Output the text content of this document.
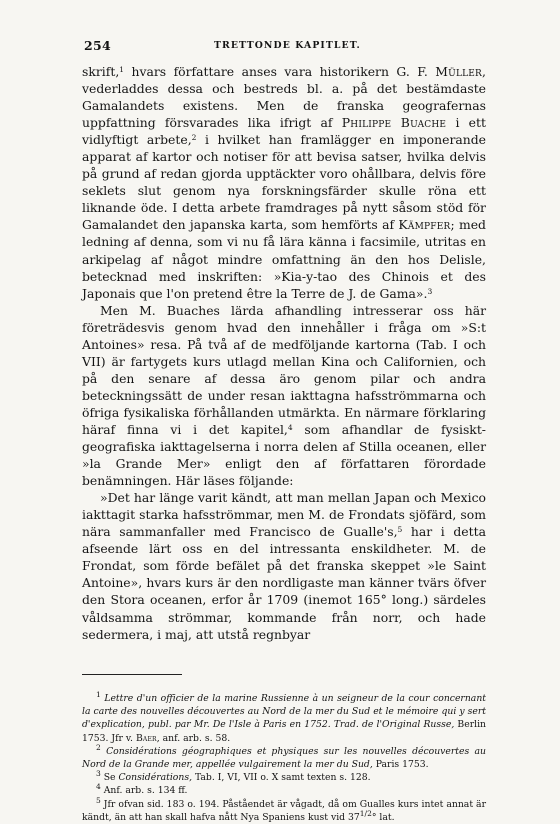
254	TRETTONDE KAPITLET.

skrift,$^1$ hvars författare anses vara historikern G. F. Müller, vederladdes dessa och bestreds bl. a. på det bestämdaste Gamalandets existens. Men de franska geografernas uppfattning försvarades lika ifrigt af Philippe Buache i ett vidlyftigt arbete,$^2$ i hvilket han framlägger en imponerande apparat af kartor och notiser för att bevisa satser, hvilka delvis på grund af redan gjorda upptäckter voro ohållbara, delvis före seklets slut genom nya forskningsfärder skulle röna ett liknande öde. I detta arbete framdrages på nytt såsom stöd för Gamalandet den japanska karta, som hemförts af Kämpfer; med ledning af denna, som vi nu få lära känna i facsimile, utritas en arkipelag af något mindre omfattning än den hos Delisle, betecknad med inskriften: »Kia-y-tao des Chinois et des Japonais que l'on pretend être la Terre de J. de Gama».$^3$

Men M. Buaches lärda afhandling intresserar oss här företrädesvis genom hvad den innehåller i fråga om »S:t Antoines» resa. På två af de medföljande kartorna (Tab. I och VII) är fartygets kurs utlagd mellan Kina och Californien, och på den senare af dessa äro genom pilar och andra beteckningssätt de under resan iakttagna hafsströmmarna och öfriga fysikaliska förhållanden utmärkta. En närmare förklaring häraf finna vi i det kapitel,$^4$ som afhandlar de fysiskt-geografiska iakttagelserna i norra delen af Stilla oceanen, eller »la Grande Mer» enligt den af författaren förordade benämningen. Här läses följande:

»Det har länge varit kändt, att man mellan Japan och Mexico iakttagit starka hafsströmmar, men M. de Frondats sjöfärd, som nära sammanfaller med Francisco de Gualle's,$^5$ har i detta afseende lärt oss en del intressanta enskildheter. M. de Frondat, som förde befälet på det franska skeppet »le Saint Antoine», hvars kurs är den nordligaste man känner tvärs öfver den Stora oceanen, erfor år 1709 (inemot 165° long.) särdeles våldsamma strömmar, kommande från norr, och hade sedermera, i maj, att utstå regnbyar

$^1$ Lettre d'un officier de la marine Russienne à un seigneur de la cour concernant la carte des nouvelles découvertes au Nord de la mer du Sud et le mémoire qui y sert d'explication, publ. par Mr. De l'Isle à Paris en 1752. Trad. de l'Original Russe, Berlin 1753. Jfr v. Baer, anf. arb. s. 58.

$^2$ Considérations géographiques et physiques sur les nouvelles découvertes au Nord de la Grande mer, appellée vulgairement la mer du Sud, Paris 1753.

$^3$ Se Considérations, Tab. I, VI, VII o. X samt texten s. 128.

$^4$ Anf. arb. s. 134 ff.

$^5$ Jfr ofvan sid. 183 o. 194. Påståendet är vågadt, då om Gualles kurs intet annat är kändt, än att han skall hafva nått Nya Spaniens kust vid $37^{1/2}^\circ$ lat.
